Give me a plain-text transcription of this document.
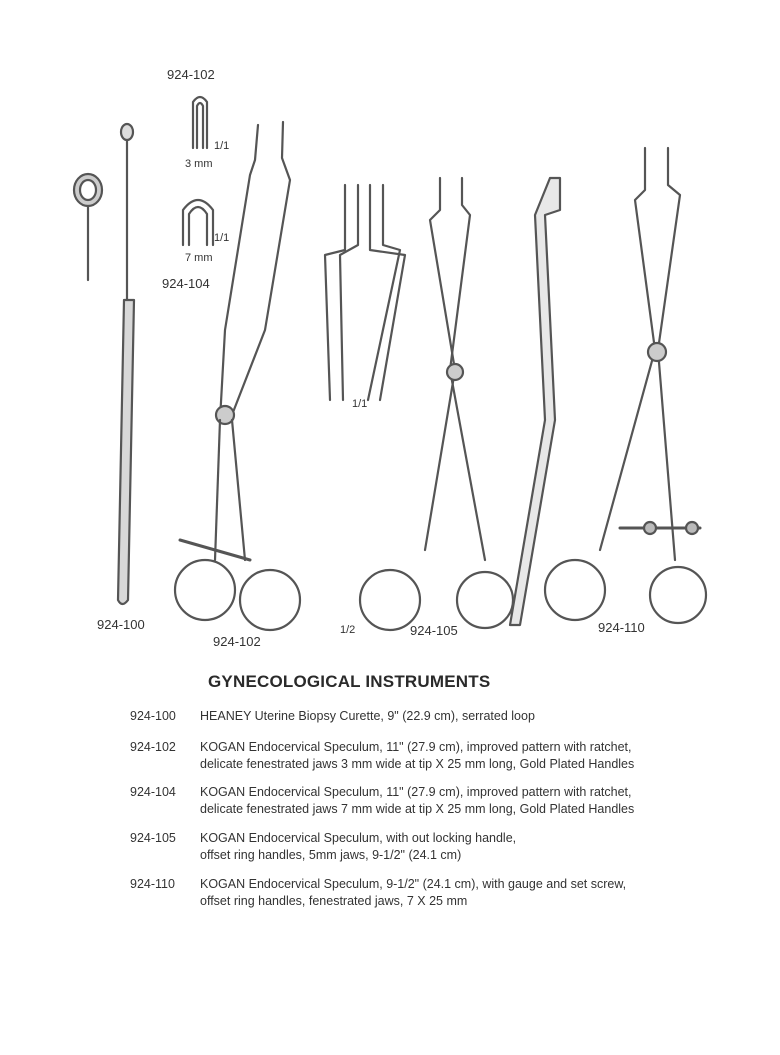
924-102
1/1
3 mm
1/1
7 mm
924-104
1/1
924-100
924-102
1/2	924-105	924-110
GYNECOLOGICAL INSTRUMENTS
924-100	HEANEY Uterine Biopsy Curette, 9" (22.9 cm), serrated loop
924-102	KOGAN Endocervical Speculum, 11" (27.9 cm), improved pattern with ratchet,
delicate fenestrated jaws 3 mm wide at tip X 25 mm long, Gold Plated Handles
924-104	KOGAN Endocervical Speculum, 11" (27.9 cm), improved pattern with ratchet,
delicate fenestrated jaws 7 mm wide at tip X 25 mm long, Gold Plated Handles
924-105	KOGAN Endocervical Speculum, with out locking handle,
offset ring handles, 5mm jaws, 9-1/2" (24.1 cm)
924-110	KOGAN Endocervical Speculum, 9-1/2" (24.1 cm), with gauge and set screw,
offset ring handles, fenestrated jaws, 7 X 25 mm
